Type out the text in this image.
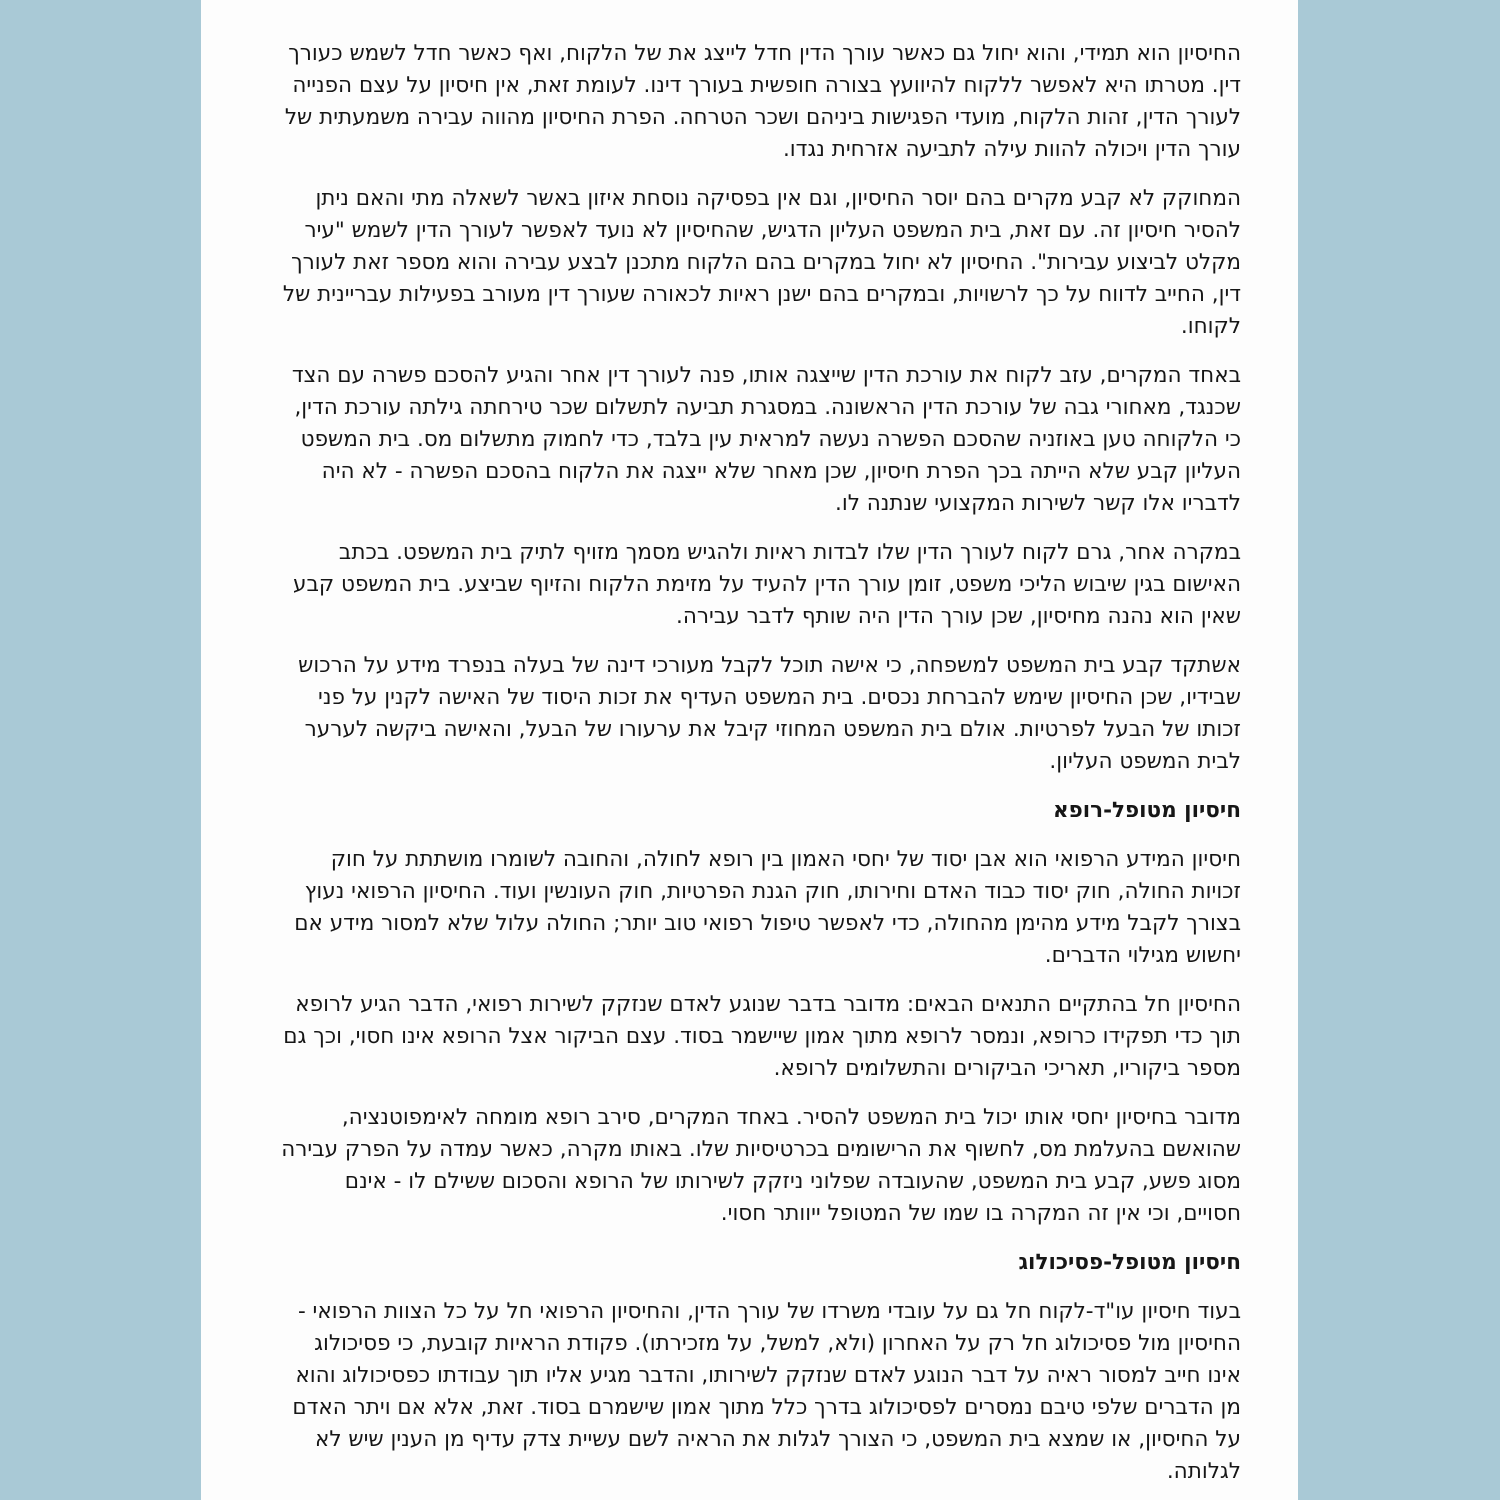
החיסיון הוא תמידי, והוא יחול גם כאשר עורך הדין חדל לייצג את של הלקוח, ואף כאשר חדל לשמש כעורך דין. מטרתו היא לאפשר ללקוח להיוועץ בצורה חופשית בעורך דינו. לעומת זאת, אין חיסיון על עצם הפנייה לעורך הדין, זהות הלקוח, מועדי הפגישות ביניהם ושכר הטרחה. הפרת החיסיון מהווה עבירה משמעתית של עורך הדין ויכולה להוות עילה לתביעה אזרחית נגדו.

המחוקק לא קבע מקרים בהם יוסר החיסיון, וגם אין בפסיקה נוסחת איזון באשר לשאלה מתי והאם ניתן להסיר חיסיון זה. עם זאת, בית המשפט העליון הדגיש, שהחיסיון לא נועד לאפשר לעורך הדין לשמש "עיר מקלט לביצוע עבירות". החיסיון לא יחול במקרים בהם הלקוח מתכנן לבצע עבירה והוא מספר זאת לעורך דין, החייב לדווח על כך לרשויות, ובמקרים בהם ישנן ראיות לכאורה שעורך דין מעורב בפעילות עבריינית של לקוחו.

באחד המקרים, עזב לקוח את עורכת הדין שייצגה אותו, פנה לעורך דין אחר והגיע להסכם פשרה עם הצד שכנגד, מאחורי גבה של עורכת הדין הראשונה. במסגרת תביעה לתשלום שכר טירחתה גילתה עורכת הדין, כי הלקוחה טען באוזניה שהסכם הפשרה נעשה למראית עין בלבד, כדי לחמוק מתשלום מס. בית המשפט העליון קבע שלא הייתה בכך הפרת חיסיון, שכן מאחר שלא ייצגה את הלקוח בהסכם הפשרה - לא היה לדבריו אלו קשר לשירות המקצועי שנתנה לו.

במקרה אחר, גרם לקוח לעורך הדין שלו לבדות ראיות ולהגיש מסמך מזויף לתיק בית המשפט. בכתב האישום בגין שיבוש הליכי משפט, זומן עורך הדין להעיד על מזימת הלקוח והזיוף שביצע. בית המשפט קבע שאין הוא נהנה מחיסיון, שכן עורך הדין היה שותף לדבר עבירה.

אשתקד קבע בית המשפט למשפחה, כי אישה תוכל לקבל מעורכי דינה של בעלה בנפרד מידע על הרכוש שבידיו, שכן החיסיון שימש להברחת נכסים. בית המשפט העדיף את זכות היסוד של האישה לקנין על פני זכותו של הבעל לפרטיות. אולם בית המשפט המחוזי קיבל את ערעורו של הבעל, והאישה ביקשה לערער לבית המשפט העליון.

חיסיון מטופל-רופא

חיסיון המידע הרפואי הוא אבן יסוד של יחסי האמון בין רופא לחולה, והחובה לשומרו מושתתת על חוק זכויות החולה, חוק יסוד כבוד האדם וחירותו, חוק הגנת הפרטיות, חוק העונשין ועוד. החיסיון הרפואי נעוץ בצורך לקבל מידע מהימן מהחולה, כדי לאפשר טיפול רפואי טוב יותר; החולה עלול שלא למסור מידע אם יחשוש מגילוי הדברים.

החיסיון חל בהתקיים התנאים הבאים: מדובר בדבר שנוגע לאדם שנזקק לשירות רפואי, הדבר הגיע לרופא תוך כדי תפקידו כרופא, ונמסר לרופא מתוך אמון שיישמר בסוד. עצם הביקור אצל הרופא אינו חסוי, וכך גם מספר ביקוריו, תאריכי הביקורים והתשלומים לרופא.

מדובר בחיסיון יחסי אותו יכול בית המשפט להסיר. באחד המקרים, סירב רופא מומחה לאימפוטנציה, שהואשם בהעלמת מס, לחשוף את הרישומים בכרטיסיות שלו. באותו מקרה, כאשר עמדה על הפרק עבירה מסוג פשע, קבע בית המשפט, שהעובדה שפלוני ניזקק לשירותו של הרופא והסכום ששילם לו - אינם חסויים, וכי אין זה המקרה בו שמו של המטופל ייוותר חסוי.

חיסיון מטופל-פסיכולוג

בעוד חיסיון עו"ד-לקוח חל גם על עובדי משרדו של עורך הדין, והחיסיון הרפואי חל על כל הצוות הרפואי - החיסיון מול פסיכולוג חל רק על האחרון (ולא, למשל, על מזכירתו). פקודת הראיות קובעת, כי פסיכולוג אינו חייב למסור ראיה על דבר הנוגע לאדם שנזקק לשירותו, והדבר מגיע אליו תוך עבודתו כפסיכולוג והוא מן הדברים שלפי טיבם נמסרים לפסיכולוג בדרך כלל מתוך אמון שישמרם בסוד. זאת, אלא אם ויתר האדם על החיסיון, או שמצא בית המשפט, כי הצורך לגלות את הראיה לשם עשיית צדק עדיף מן הענין שיש לא לגלותה.
